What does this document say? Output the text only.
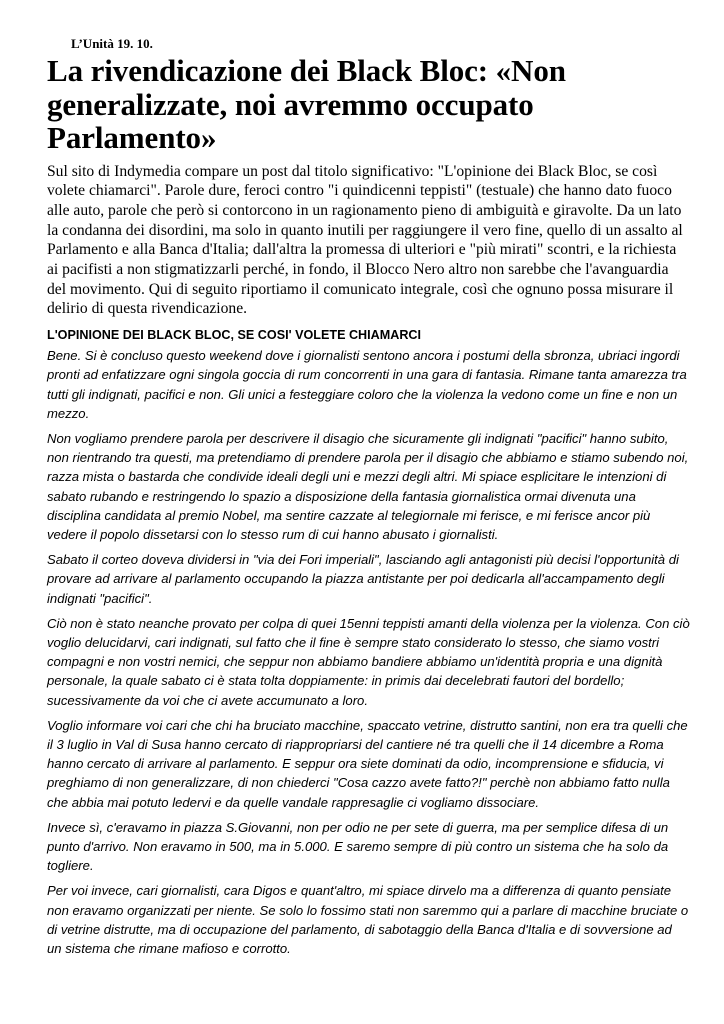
L’Unità 19. 10.
La rivendicazione dei Black Bloc: «Non generalizzate, noi avremmo occupato Parlamento»

Sul sito di Indymedia compare un post dal titolo significativo: "L'opinione dei Black Bloc, se così volete chiamarci". Parole dure, feroci contro "i quindicenni teppisti" (testuale) che hanno dato fuoco alle auto, parole che però si contorcono in un ragionamento pieno di ambiguità e giravolte. Da un lato la condanna dei disordini, ma solo in quanto inutili per raggiungere il vero fine, quello di un assalto al Parlamento e alla Banca d'Italia; dall'altra la promessa di ulteriori e "più mirati" scontri, e la richiesta ai pacifisti a non stigmatizzarli perché, in fondo, il Blocco Nero altro non sarebbe che l'avanguardia del movimento. Qui di seguito riportiamo il comunicato integrale, così che ognuno possa misurare il delirio di questa rivendicazione.

L'OPINIONE DEI BLACK BLOC, SE COSI' VOLETE CHIAMARCI

Bene. Si è concluso questo weekend dove i giornalisti sentono ancora i postumi della sbronza, ubriaci ingordi pronti ad enfatizzare ogni singola goccia di rum concorrenti in una gara di fantasia. Rimane tanta amarezza tra tutti gli indignati, pacifici e non. Gli unici a festeggiare coloro che la violenza la vedono come un fine e non un mezzo.

Non vogliamo prendere parola per descrivere il disagio che sicuramente gli indignati "pacifici" hanno subito, non rientrando tra questi, ma pretendiamo di prendere parola per il disagio che abbiamo e stiamo subendo noi, razza mista o bastarda che condivide ideali degli uni e mezzi degli altri. Mi spiace esplicitare le intenzioni di sabato rubando e restringendo lo spazio a disposizione della fantasia giornalistica ormai divenuta una disciplina candidata al premio Nobel, ma sentire cazzate al telegiornale mi ferisce, e mi ferisce ancor più vedere il popolo dissetarsi con lo stesso rum di cui hanno abusato i giornalisti.

Sabato il corteo doveva dividersi in "via dei Fori imperiali", lasciando agli antagonisti più decisi l'opportunità di provare ad arrivare al parlamento occupando la piazza antistante per poi dedicarla all'accampamento degli indignati "pacifici".

Ciò non è stato neanche provato per colpa di quei 15enni teppisti amanti della violenza per la violenza. Con ciò voglio delucidarvi, cari indignati, sul fatto che il fine è sempre stato considerato lo stesso, che siamo vostri compagni e non vostri nemici, che seppur non abbiamo bandiere abbiamo un'identità propria e una dignità personale, la quale sabato ci è stata tolta doppiamente: in primis dai decelebrati fautori del bordello; sucessivamente da voi che ci avete accumunato a loro.

Voglio informare voi cari che chi ha bruciato macchine, spaccato vetrine, distrutto santini, non era tra quelli che il 3 luglio in Val di Susa hanno cercato di riappropriarsi del cantiere né tra quelli che il 14 dicembre a Roma hanno cercato di arrivare al parlamento. E seppur ora siete dominati da odio, incomprensione e sfiducia, vi preghiamo di non generalizzare, di non chiederci "Cosa cazzo avete fatto?!" perchè non abbiamo fatto nulla che abbia mai potuto ledervi e da quelle vandale rappresaglie ci vogliamo dissociare.

Invece sì, c'eravamo in piazza S.Giovanni, non per odio ne per sete di guerra, ma per semplice difesa di un punto d'arrivo. Non eravamo in 500, ma in 5.000. E saremo sempre di più contro un sistema che ha solo da togliere.

Per voi invece, cari giornalisti, cara Digos e quant'altro, mi spiace dirvelo ma a differenza di quanto pensiate non eravamo organizzati per niente. Se solo lo fossimo stati non saremmo qui a parlare di macchine bruciate o di vetrine distrutte, ma di occupazione del parlamento, di sabotaggio della Banca d'Italia e di sovversione ad un sistema che rimane mafioso e corrotto.
